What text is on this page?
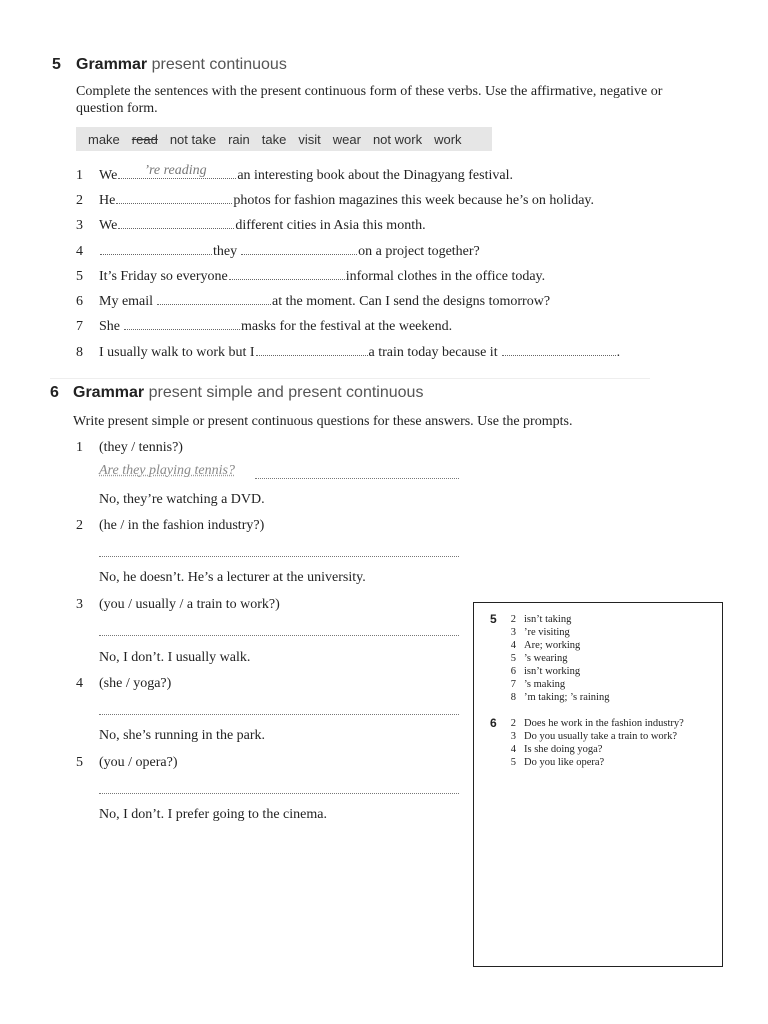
5 Grammar present continuous
Complete the sentences with the present continuous form of these verbs. Use the affirmative, negative or question form.
make read not take rain take visit wear not work work
1	We ’re reading an interesting book about the Dinagyang festival.
2	He	photos for fashion magazines this week because he’s on holiday.
3	We	different cities in Asia this month.
4	they	on a project together?
5	It’s Friday so everyone	informal clothes in the office today.
6	My email	at the moment. Can I send the designs tomorrow?
7	She	masks for the festival at the weekend.
8	I usually walk to work but I	a train today because it	.
6 Grammar present simple and present continuous
Write present simple or present continuous questions for these answers. Use the prompts.
1	(they / tennis?)
Are they playing tennis?
No, they’re watching a DVD.
2	(he / in the fashion industry?)
No, he doesn’t. He’s a lecturer at the university.
3	(you / usually / a train to work?)
No, I don’t. I usually walk.
4	(she / yoga?)
No, she’s running in the park.
5	(you / opera?)
No, I don’t. I prefer going to the cinema.
5	2 isn’t taking
3 ’re visiting
4 Are; working
5 ’s wearing
6 isn’t working
7 ’s making
8 ’m taking; ’s raining
6	2 Does he work in the fashion industry?
3 Do you usually take a train to work?
4 Is she doing yoga?
5 Do you like opera?
